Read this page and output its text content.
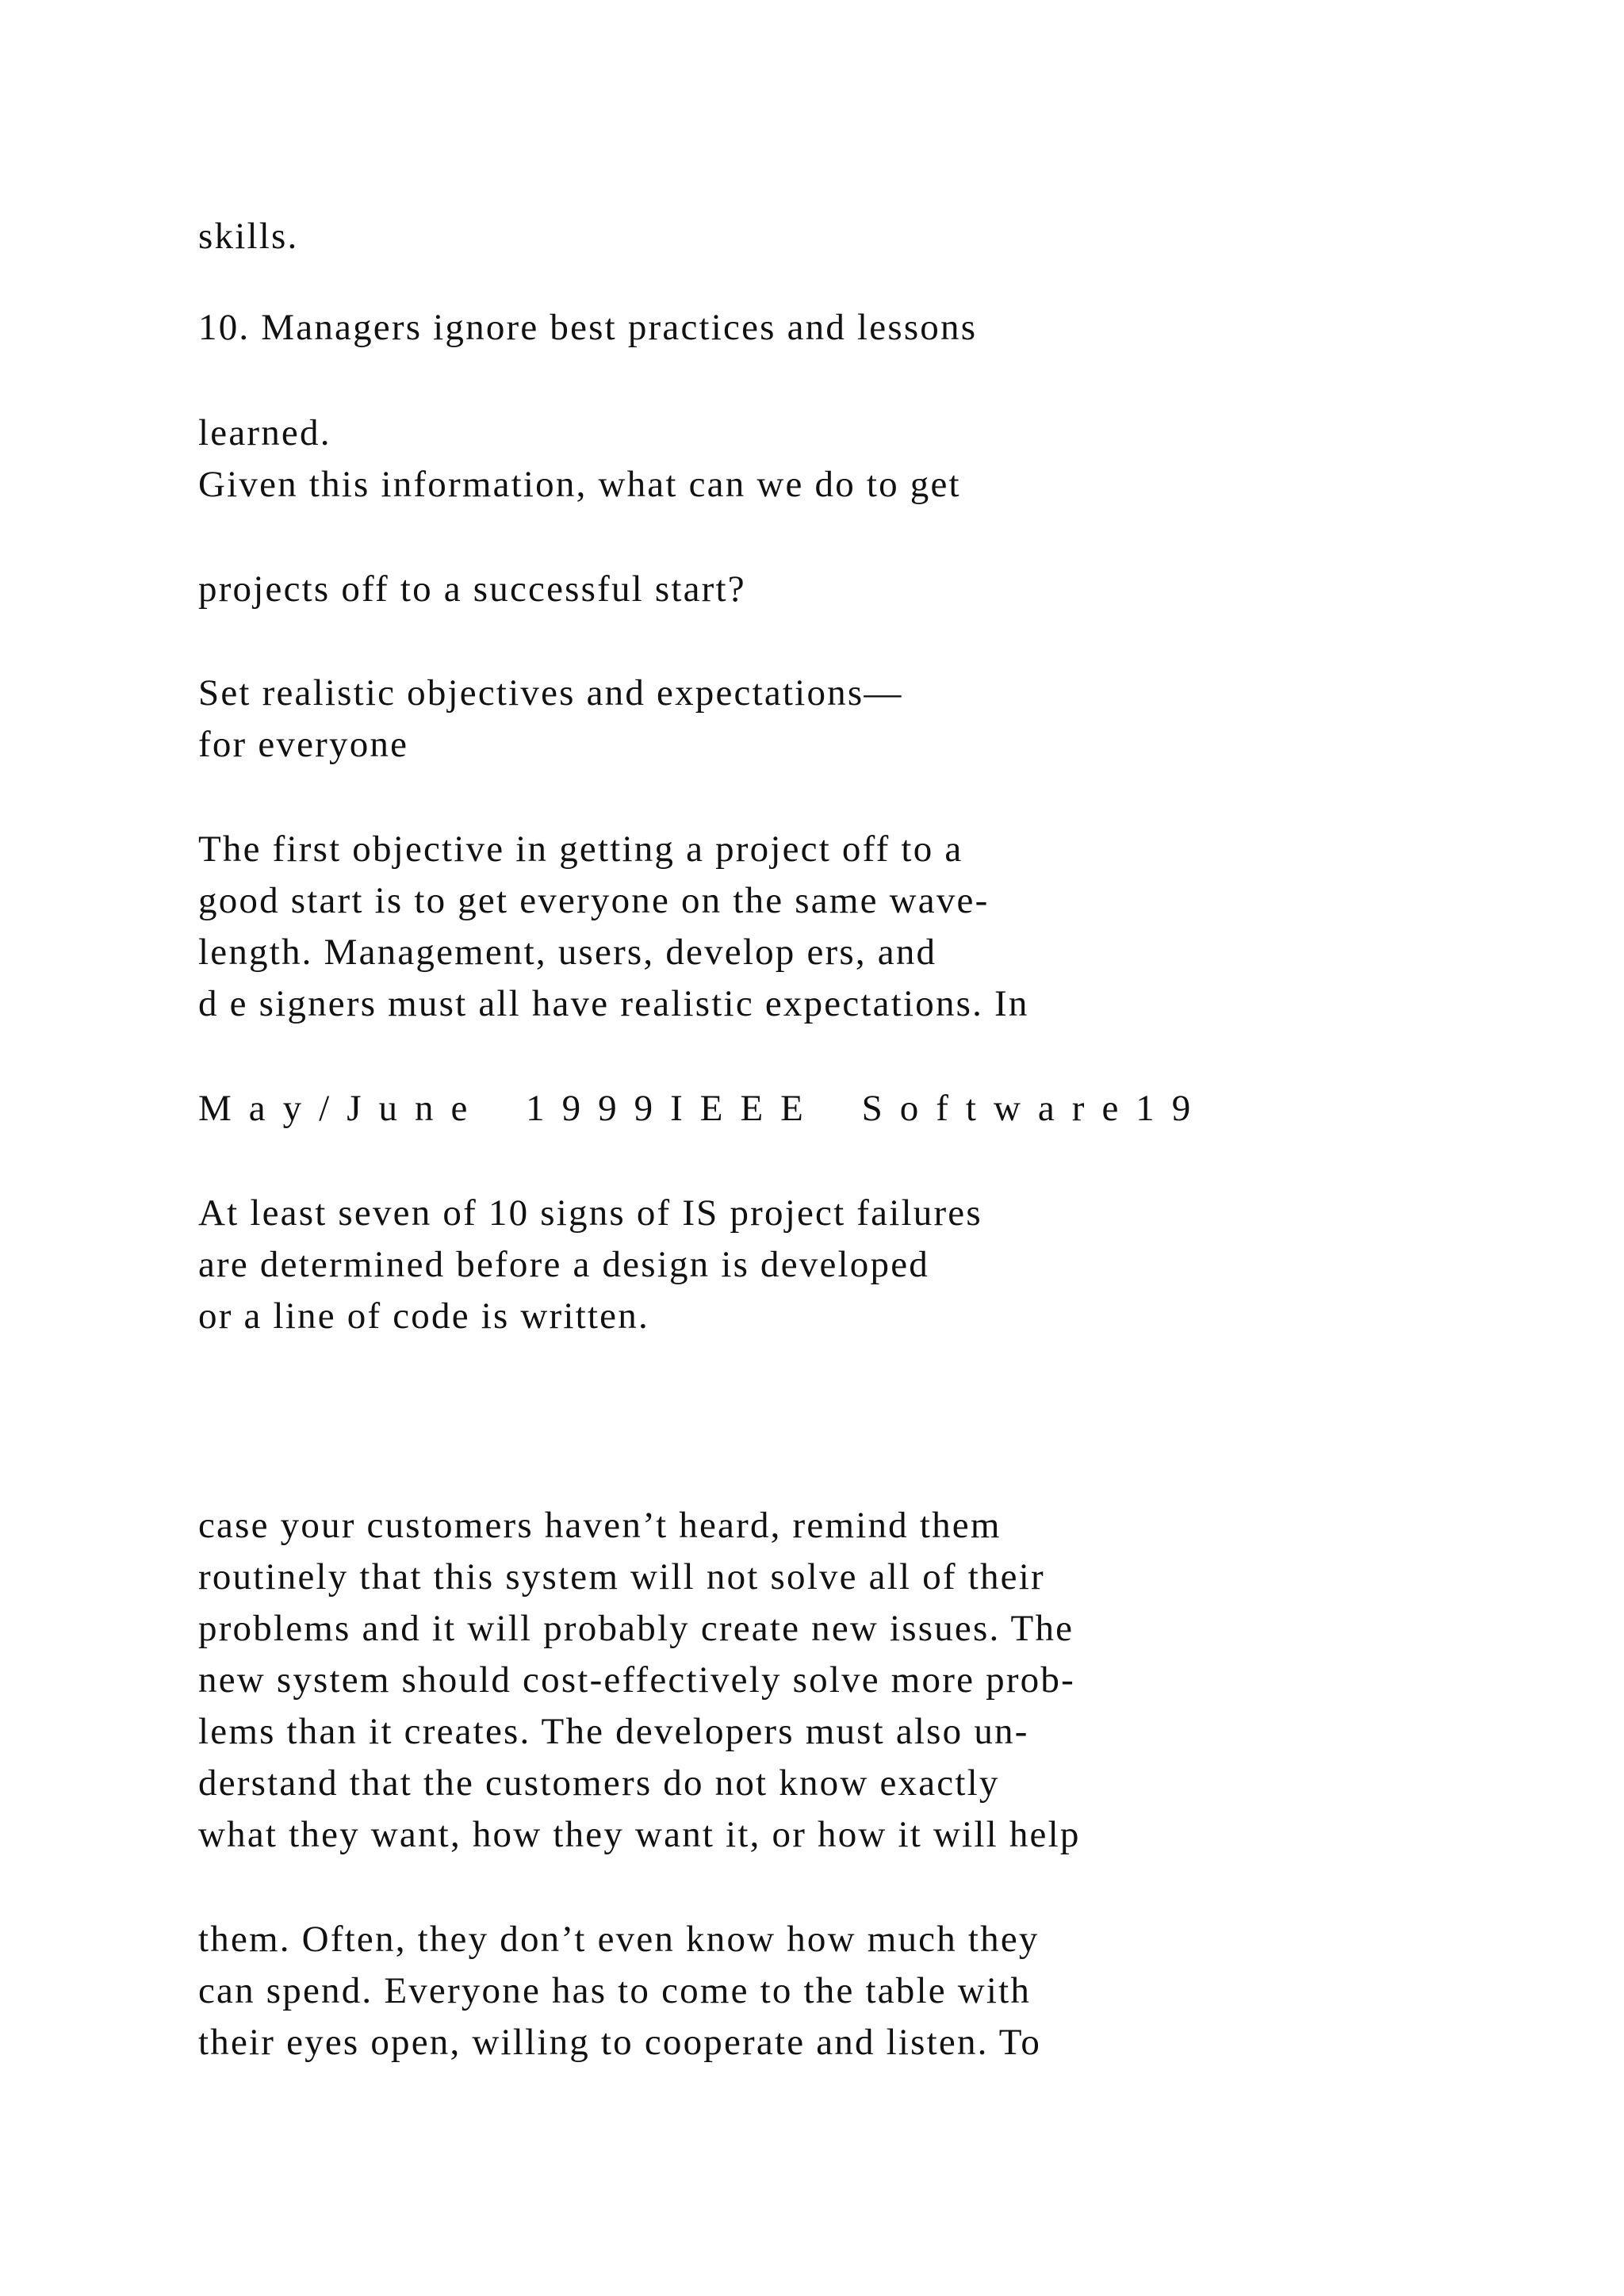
skills.

10. Managers ignore best practices and lessons

learned.

Given this information, what can we do to get

projects off to a successful start?

Set realistic objectives and expectations—

for everyone

The first objective in getting a project off to a

good start is to get everyone on the same wave-

length. Management, users, develop ers, and

d e signers must all have realistic expectations. In

May/June 1999IEEE Software19

At least seven of 10 signs of IS project failures

are determined before a design is developed

or a line of code is written.

case your customers haven’t heard, remind them

routinely that this system will not solve all of their

problems and it will probably create new issues. The

new system should cost-effectively solve more prob-

lems than it creates. The developers must also un-

derstand that the customers do not know exactly

what they want, how they want it, or how it will help

them. Often, they don’t even know how much they

can spend. Everyone has to come to the table with

their eyes open, willing to cooperate and listen. To
